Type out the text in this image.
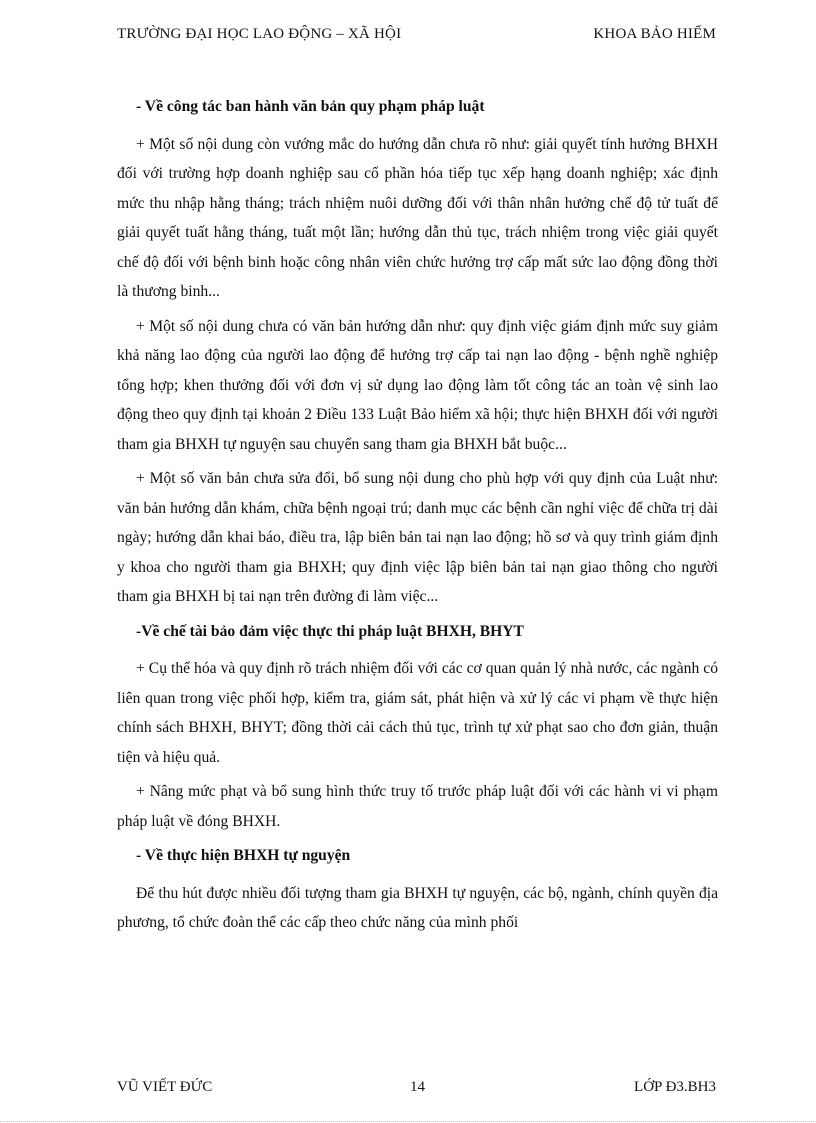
TRƯỜNG ĐẠI HỌC LAO ĐỘNG – XÃ HỘI	KHOA BẢO HIỂM

- Về công tác ban hành văn bản quy phạm pháp luật

+ Một số nội dung còn vướng mắc do hướng dẫn chưa rõ như: giải quyết tính hưởng BHXH đối với trường hợp doanh nghiệp sau cổ phần hóa tiếp tục xếp hạng doanh nghiệp; xác định mức thu nhập hằng tháng; trách nhiệm nuôi dưỡng đối với thân nhân hưởng chế độ tử tuất để giải quyết tuất hằng tháng, tuất một lần; hướng dẫn thủ tục, trách nhiệm trong việc giải quyết chế độ đối với bệnh binh hoặc công nhân viên chức hưởng trợ cấp mất sức lao động đồng thời là thương binh...

+ Một số nội dung chưa có văn bản hướng dẫn như: quy định việc giám định mức suy giảm khả năng lao động của người lao động để hưởng trợ cấp tai nạn lao động - bệnh nghề nghiệp tổng hợp; khen thưởng đối với đơn vị sử dụng lao động làm tốt công tác an toàn vệ sinh lao động theo quy định tại khoản 2 Điều 133 Luật Bảo hiểm xã hội; thực hiện BHXH đối với người tham gia BHXH tự nguyện sau chuyển sang tham gia BHXH bắt buộc...

+ Một số văn bản chưa sửa đổi, bổ sung nội dung cho phù hợp với quy định của Luật như: văn bản hướng dẫn khám, chữa bệnh ngoại trú; danh mục các bệnh cần nghỉ việc để chữa trị dài ngày; hướng dẫn khai báo, điều tra, lập biên bản tai nạn lao động; hồ sơ và quy trình giám định y khoa cho người tham gia BHXH; quy định việc lập biên bản tai nạn giao thông cho người tham gia BHXH bị tai nạn trên đường đi làm việc...

-Về chế tài bảo đảm việc thực thi pháp luật BHXH, BHYT

+ Cụ thể hóa và quy định rõ trách nhiệm đối với các cơ quan quản lý nhà nước, các ngành có liên quan trong việc phối hợp, kiểm tra, giám sát, phát hiện và xử lý các vi phạm về thực hiện chính sách BHXH, BHYT; đồng thời cải cách thủ tục, trình tự xử phạt sao cho đơn giản, thuận tiện và hiệu quả.

+ Nâng mức phạt và bổ sung hình thức truy tố trước pháp luật đối với các hành vi vi phạm pháp luật về đóng BHXH.

- Về thực hiện BHXH tự nguyện

Để thu hút được nhiều đối tượng tham gia BHXH tự nguyện, các bộ, ngành, chính quyền địa phương, tổ chức đoàn thể các cấp theo chức năng của mình phối

VŨ VIẾT ĐỨC	14	LỚP Đ3.BH3
